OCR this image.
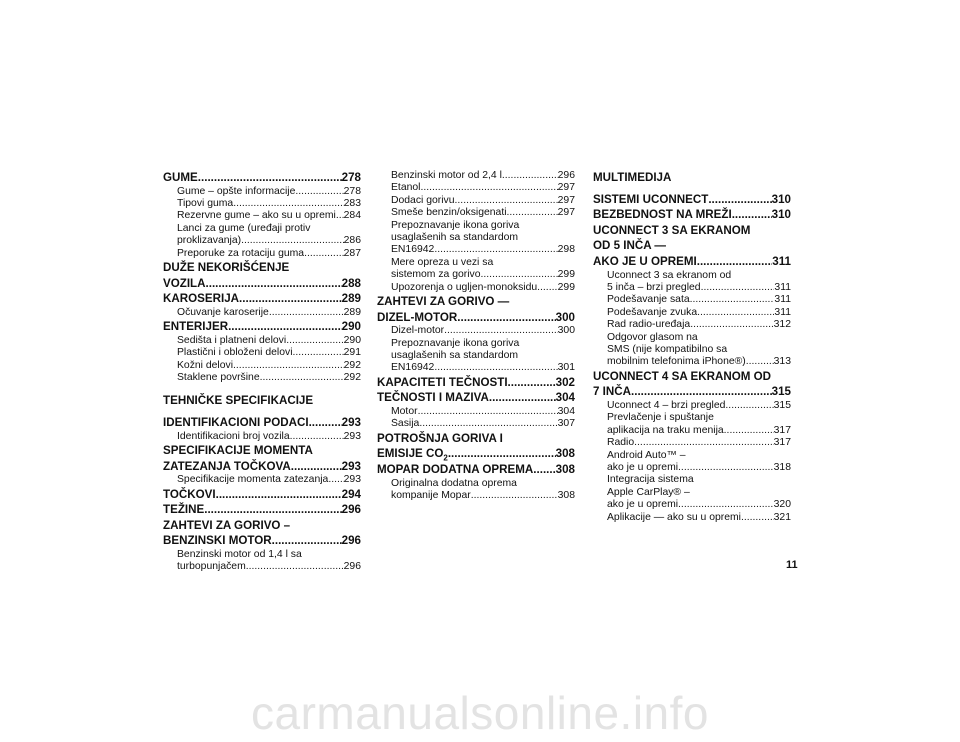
GUME .....	278
Gume – opšte informacije .....	278
Tipovi guma .....	283
Rezervne gume – ako su u opremi ..... 284
Lanci za gume (uređaji protiv
proklizavanja) .....	286
Preporuke za rotaciju guma .....	287
DUŽE NEKORIŠĆENJE
VOZILA .....	288
KAROSERIJA .....	289
Očuvanje karoserije .....	289
ENTERIJER .....	290
Sedišta i platneni delovi .....	290
Plastični i obloženi delovi .....	291
Kožni delovi .....	292
Staklene površine .....	292
TEHNIČKE SPECIFIKACIJE
IDENTIFIKACIONI PODACI .....	293
Identifikacioni broj vozila .....	293
SPECIFIKACIJE MOMENTA
ZATEZANJA TOČKOVA .....	293
Specifikacije momenta zatezanja ..... 293
TOČKOVI .....	294
TEŽINE .....	296
ZAHTEVI ZA GORIVO –
BENZINSKI MOTOR .....	296
Benzinski motor od 1,4 l sa
turbopunjačem .....	296
Benzinski motor od 2,4 l .....	296
Etanol .....	297
Dodaci gorivu .....	297
Smeše benzin/oksigenati .....	297
Prepoznavanje ikona goriva
usaglašenih sa standardom
EN16942 .....	298
Mere opreza u vezi sa
sistemom za gorivo .....	299
Upozorenja o ugljen-monoksidu ..... 299
ZAHTEVI ZA GORIVO —
DIZEL-MOTOR .....	300
Dizel-motor .....	300
Prepoznavanje ikona goriva
usaglašenih sa standardom
EN16942 .....	301
KAPACITETI TEČNOSTI .....	302
TEČNOSTI I MAZIVA .....	304
Motor .....	304
Šasija .....	307
POTROŠNJA GORIVA I
EMISIJE $CO_2$ .....	308
MOPAR DODATNA OPREMA ..... 308
Originalna dodatna oprema
kompanije Mopar .....	308
MULTIMEDIJA
SISTEMI UCONNECT .....	310
BEZBEDNOST NA MREŽI .....	310
UCONNECT 3 SA EKRANOM
OD 5 INČA —
AKO JE U OPREMI .....	311
Uconnect 3 sa ekranom od
5 inča – brzi pregled .....	311
Podešavanje sata .....	311
Podešavanje zvuka .....	311
Rad radio-uređaja .....	312
Odgovor glasom na
SMS (nije kompatibilno sa
mobilnim telefonima iPhone®) .....	313
UCONNECT 4 SA EKRANOM OD
7 INČA .....	315
Uconnect 4 – brzi pregled .....	315
Prevlačenje i spuštanje
aplikacija na traku menija .....	317
Radio .....	317
Android Auto™ –
ako je u opremi .....	318
Integracija sistema
Apple CarPlay® –
ako je u opremi .....	320
Aplikacije — ako su u opremi .....	321
11
carmanualsonline.info
